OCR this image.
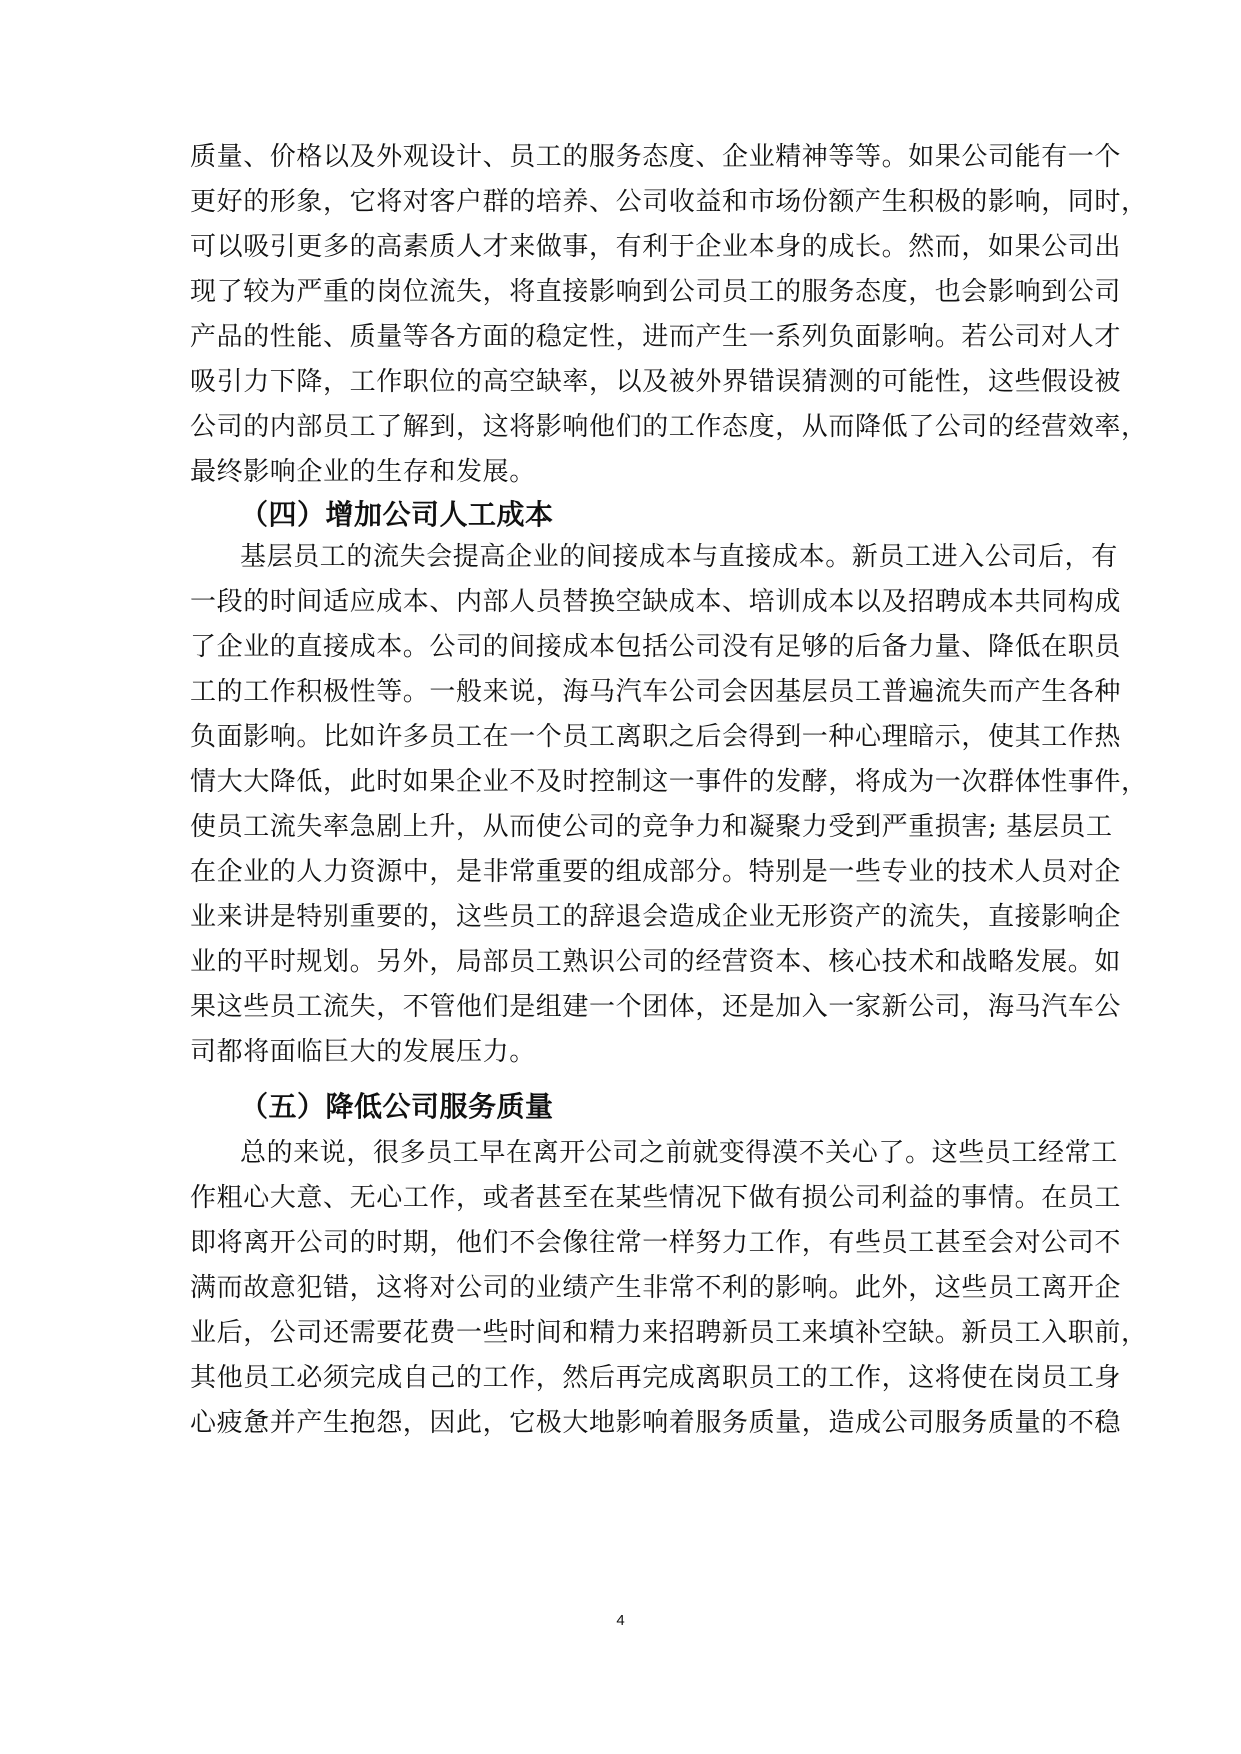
质量、价格以及外观设计、员工的服务态度、企业精神等等。如果公司能有一个
更好的形象，它将对客户群的培养、公司收益和市场份额产生积极的影响，同时，
可以吸引更多的高素质人才来做事，有利于企业本身的成长。然而，如果公司出
现了较为严重的岗位流失，将直接影响到公司员工的服务态度，也会影响到公司
产品的性能、质量等各方面的稳定性，进而产生一系列负面影响。若公司对人才
吸引力下降，工作职位的高空缺率，以及被外界错误猜测的可能性，这些假设被
公司的内部员工了解到，这将影响他们的工作态度，从而降低了公司的经营效率，
最终影响企业的生存和发展。
（四）增加公司人工成本
基层员工的流失会提高企业的间接成本与直接成本。新员工进入公司后，有
一段的时间适应成本、内部人员替换空缺成本、培训成本以及招聘成本共同构成
了企业的直接成本。公司的间接成本包括公司没有足够的后备力量、降低在职员
工的工作积极性等。一般来说，海马汽车公司会因基层员工普遍流失而产生各种
负面影响。比如许多员工在一个员工离职之后会得到一种心理暗示，使其工作热
情大大降低，此时如果企业不及时控制这一事件的发酵，将成为一次群体性事件，
使员工流失率急剧上升，从而使公司的竞争力和凝聚力受到严重损害; 基层员工
在企业的人力资源中，是非常重要的组成部分。特别是一些专业的技术人员对企
业来讲是特别重要的，这些员工的辞退会造成企业无形资产的流失，直接影响企
业的平时规划。另外，局部员工熟识公司的经营资本、核心技术和战略发展。如
果这些员工流失，不管他们是组建一个团体，还是加入一家新公司，海马汽车公
司都将面临巨大的发展压力。
（五）降低公司服务质量
总的来说，很多员工早在离开公司之前就变得漠不关心了。这些员工经常工
作粗心大意、无心工作，或者甚至在某些情况下做有损公司利益的事情。在员工
即将离开公司的时期，他们不会像往常一样努力工作，有些员工甚至会对公司不
满而故意犯错，这将对公司的业绩产生非常不利的影响。此外，这些员工离开企
业后，公司还需要花费一些时间和精力来招聘新员工来填补空缺。新员工入职前，
其他员工必须完成自己的工作，然后再完成离职员工的工作，这将使在岗员工身
心疲惫并产生抱怨，因此，它极大地影响着服务质量，造成公司服务质量的不稳
4
